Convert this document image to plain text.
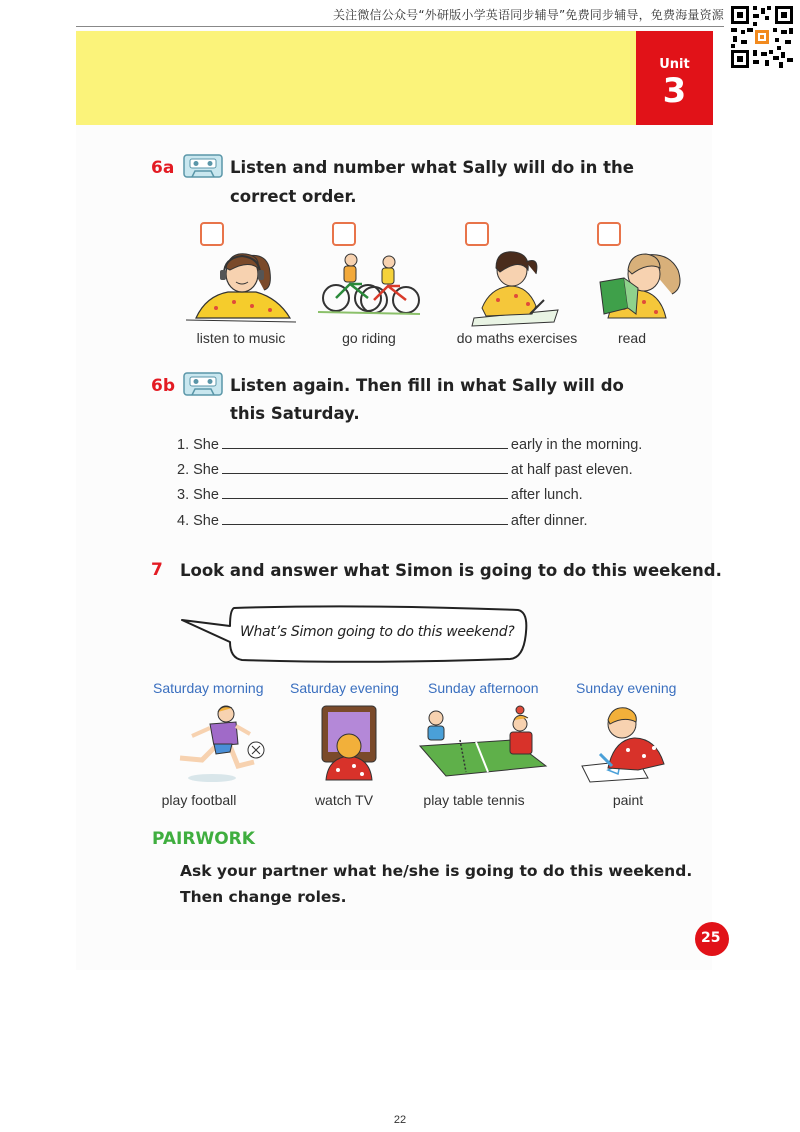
关注微信公众号“外研版小学英语同步辅导”免费同步辅导，免费海量资源
Unit
3
6a	Listen and number what Sally will do in the
correct order.
listen to music	go riding	do maths exercises	read
6b	Listen again. Then fill in what Sally will do
this Saturday.
1. She	early in the morning.
2. She	at half past eleven.
3. She	after lunch.
4. She	after dinner.
7 Look and answer what Simon is going to do this weekend.
What’s Simon going to do this weekend?
Saturday morning Saturday evening Sunday afternoon	Sunday evening
play football	watch TV	play table tennis	paint
PAIRWORK
Ask your partner what he/she is going to do this weekend.
Then change roles.
25
22
